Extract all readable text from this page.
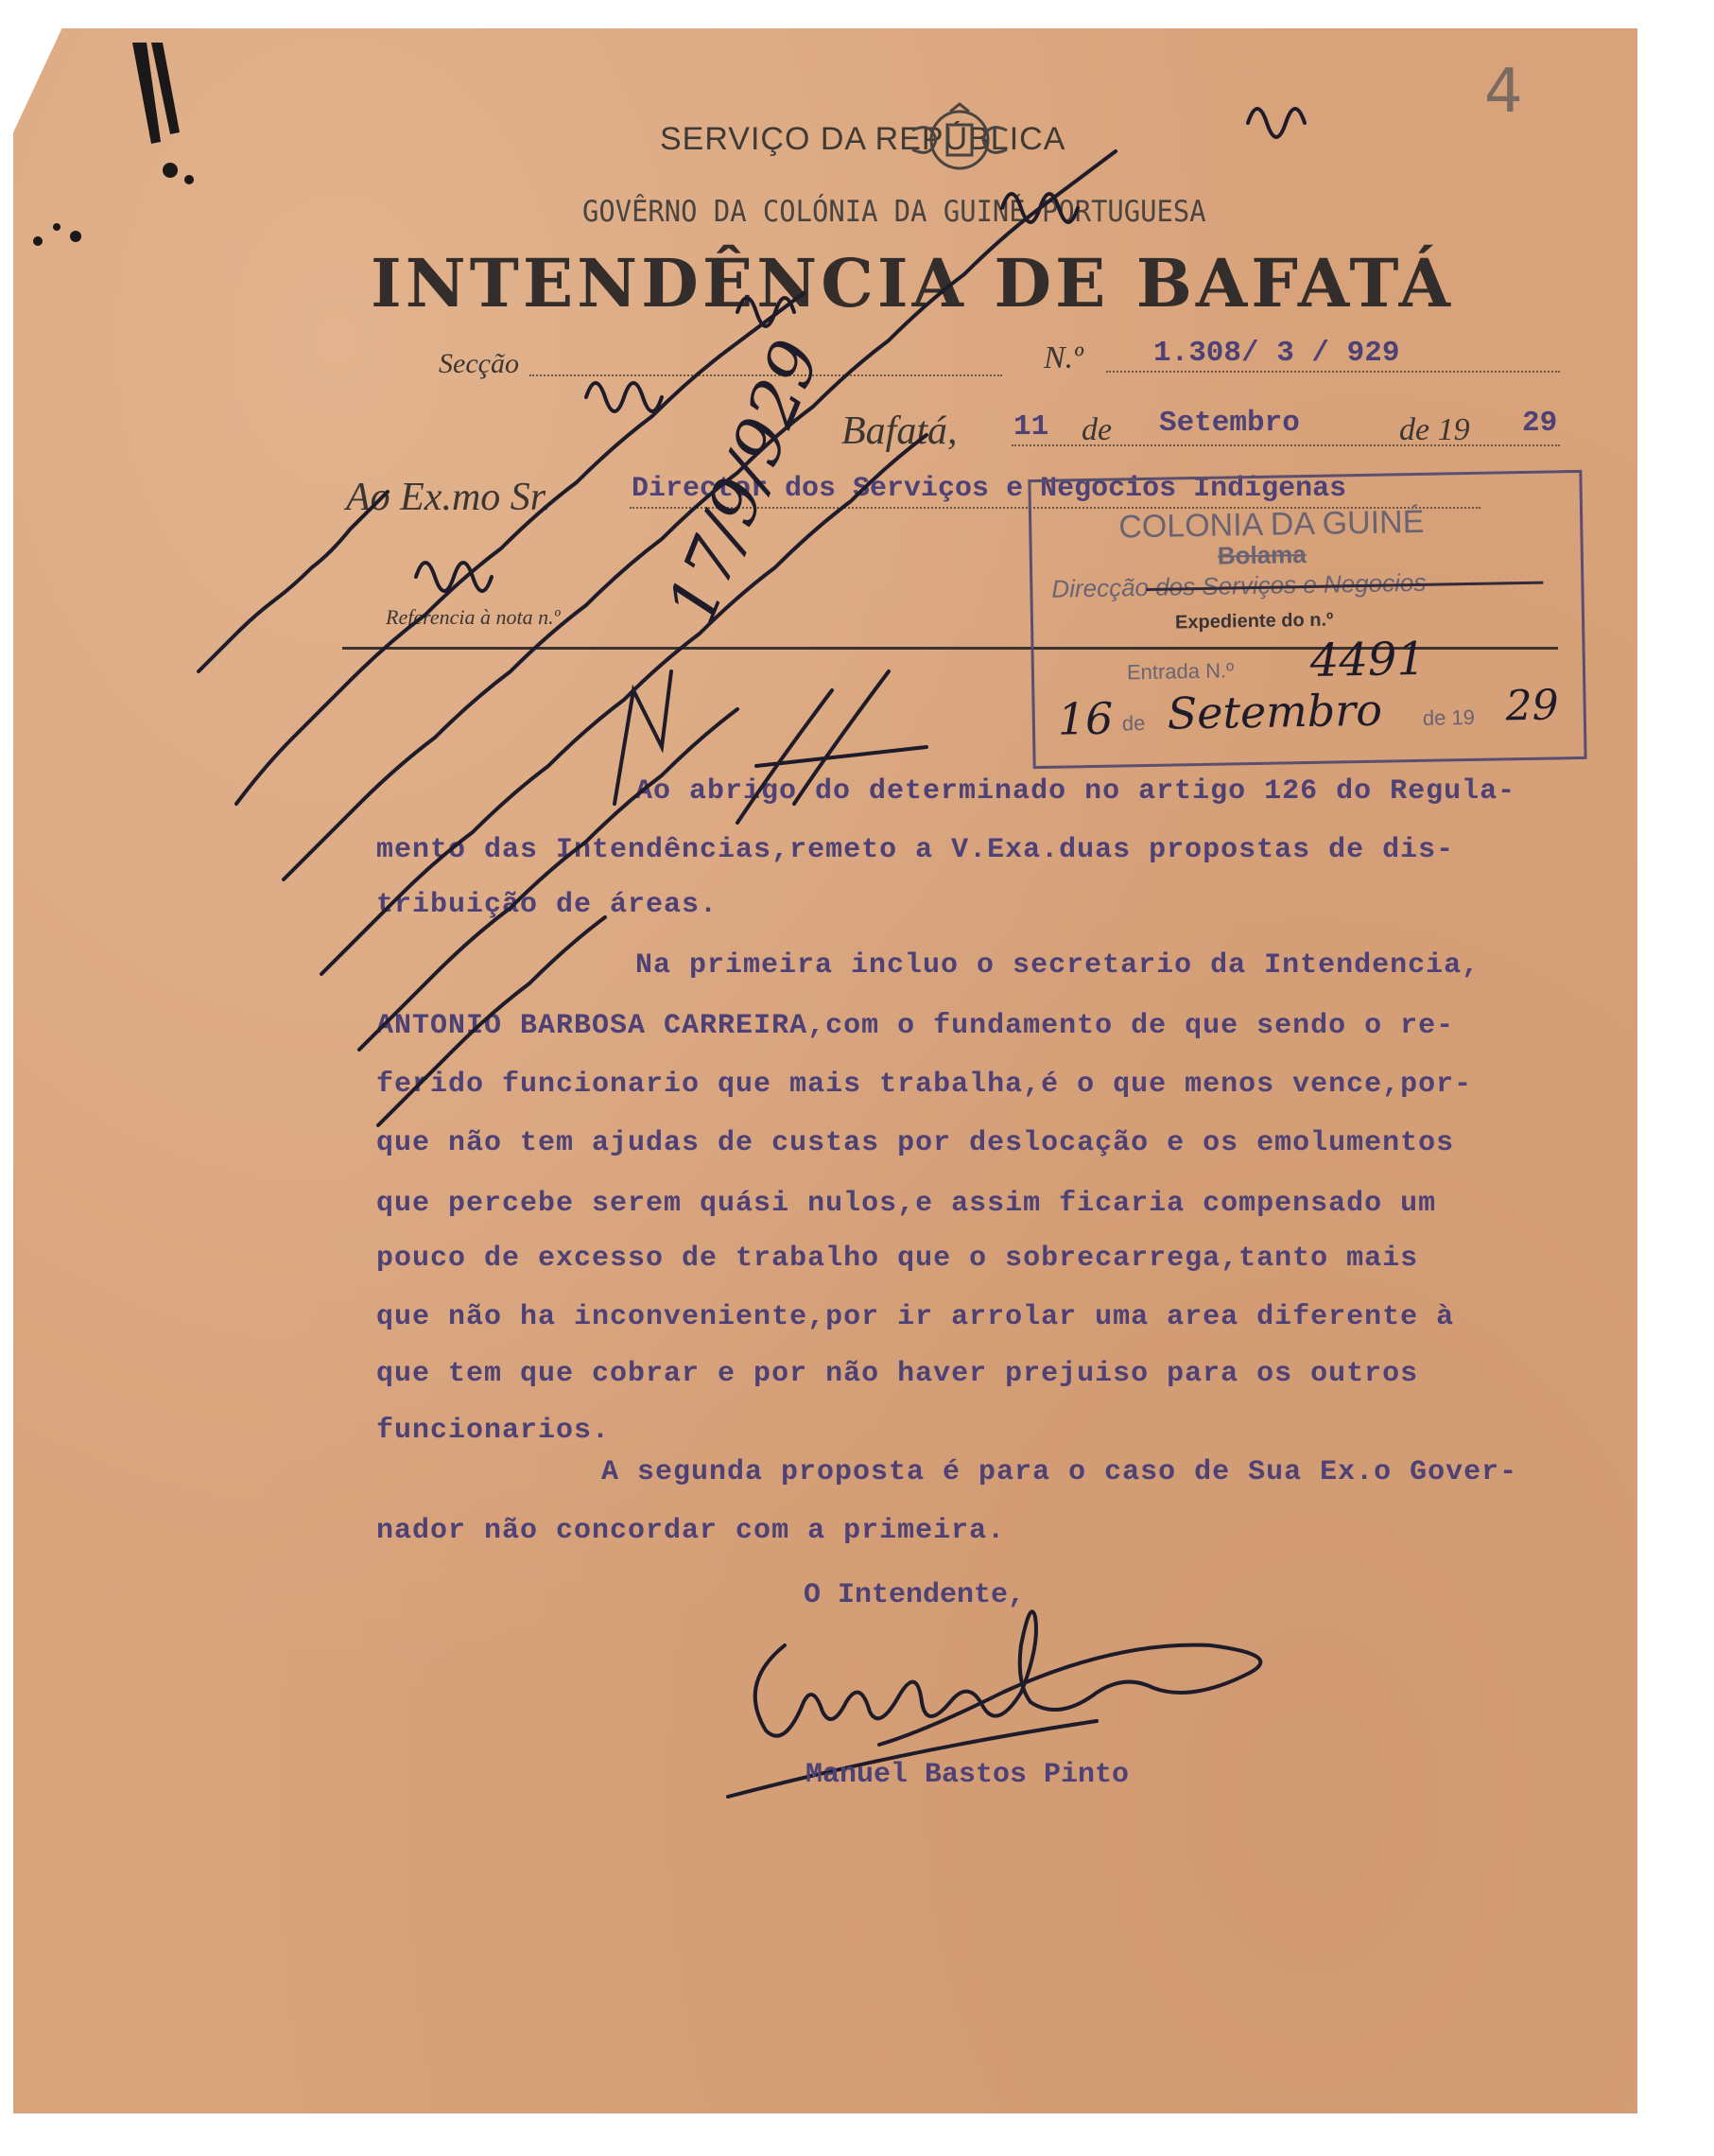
SERVIÇO DA REPÚBLICA
GOVÊRNO DA COLÓNIA DA GUINÉ PORTUGUESA
INTENDÊNCIA DE BAFATÁ
Secção	N.º 1.308/ 3 / 929
Bafatá, 11 de Setembro	de 19 29
Ao Ex.mo Sr.	Director dos Serviços e Negocios Indigenas
Referencia à nota n.º
COLONIA DA GUINÉ
Bolama
Direcção dos Serviços e Negocios
Expediente do n.º
Entrada N.º 4491
16 de Setembro de 19 29
Ao abrigo do determinado no artigo 126 do Regula-
mento das Intendências,remeto a V.Exa.duas propostas de dis-
tribuição de áreas.
Na primeira incluo o secretario da Intendencia,
ANTONIO BARBOSA CARREIRA,com o fundamento de que sendo o re-
ferido funcionario que mais trabalha,é o que menos vence,por-
que não tem ajudas de custas por deslocação e os emolumentos
que percebe serem quási nulos,e assim ficaria compensado um
pouco de excesso de trabalho que o sobrecarrega,tanto mais
que não ha inconveniente,por ir arrolar uma area diferente à
que tem que cobrar e por não haver prejuiso para os outros
funcionarios.
A segunda proposta é para o caso de Sua Ex.o Gover-
nador não concordar com a primeira.
O Intendente,
Manuel Bastos Pinto
17/9/929
4
